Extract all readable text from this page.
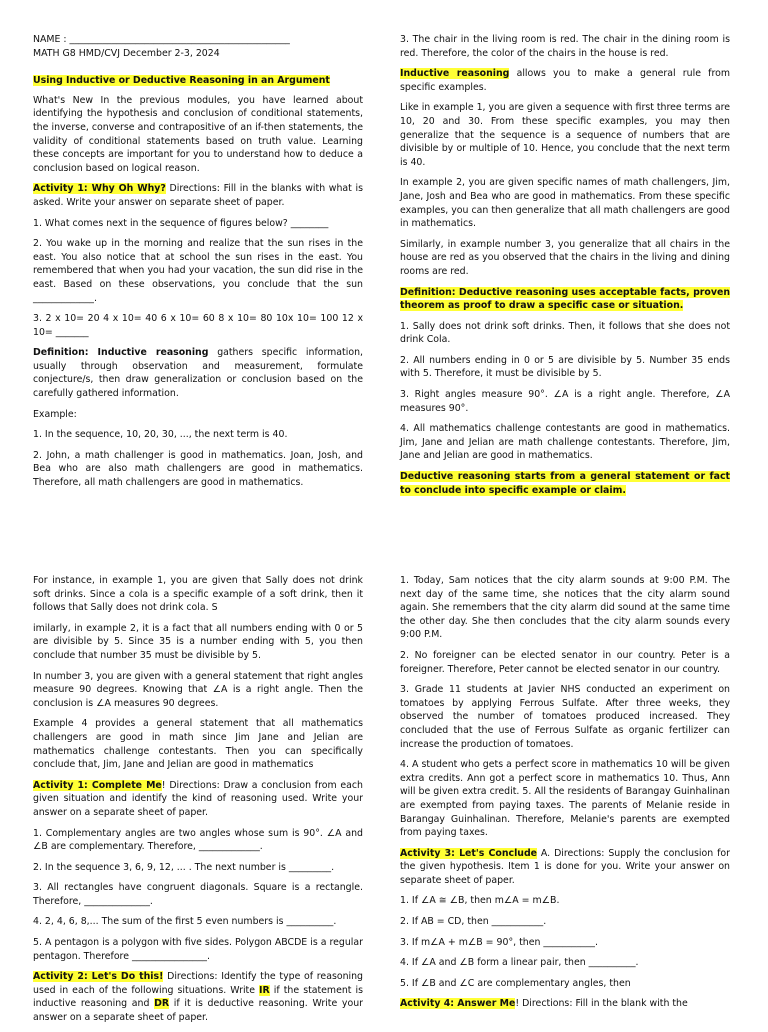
NAME : _______________________________________________

MATH G8 HMD/CVJ December 2-3, 2024

Using Inductive or Deductive Reasoning in an Argument

What's New In the previous modules, you have learned about identifying the hypothesis and conclusion of conditional statements, the inverse, converse and contrapositive of an if-then statements, the validity of conditional statements based on truth value. Learning these concepts are important for you to understand how to deduce a conclusion based on logical reason.

Activity 1: Why Oh Why? Directions: Fill in the blanks with what is asked. Write your answer on separate sheet of paper.

1. What comes next in the sequence of figures below? ________

2. You wake up in the morning and realize that the sun rises in the east. You also notice that at school the sun rises in the east. You remembered that when you had your vacation, the sun did rise in the east. Based on these observations, you conclude that the sun _____________.

3. 2 x 10= 20 4 x 10= 40 6 x 10= 60 8 x 10= 80 10x 10= 100 12 x 10= _______

Definition: Inductive reasoning gathers specific information, usually through observation and measurement, formulate conjecture/s, then draw generalization or conclusion based on the carefully gathered information.

Example:

1. In the sequence, 10, 20, 30, ..., the next term is 40.

2. John, a math challenger is good in mathematics. Joan, Josh, and Bea who are also math challengers are good in mathematics. Therefore, all math challengers are good in mathematics.

3. The chair in the living room is red. The chair in the dining room is red. Therefore, the color of the chairs in the house is red.

Inductive reasoning allows you to make a general rule from specific examples.

Like in example 1, you are given a sequence with first three terms are 10, 20 and 30. From these specific examples, you may then generalize that the sequence is a sequence of numbers that are divisible by or multiple of 10. Hence, you conclude that the next term is 40.

In example 2, you are given specific names of math challengers, Jim, Jane, Josh and Bea who are good in mathematics. From these specific examples, you can then generalize that all math challengers are good in mathematics.

Similarly, in example number 3, you generalize that all chairs in the house are red as you observed that the chairs in the living and dining rooms are red.

Definition: Deductive reasoning uses acceptable facts, proven theorem as proof to draw a specific case or situation.

1. Sally does not drink soft drinks. Then, it follows that she does not drink Cola.

2. All numbers ending in 0 or 5 are divisible by 5. Number 35 ends with 5. Therefore, it must be divisible by 5.

3. Right angles measure 90°. ∠A is a right angle. Therefore, ∠A measures 90°.

4. All mathematics challenge contestants are good in mathematics. Jim, Jane and Jelian are math challenge contestants. Therefore, Jim, Jane and Jelian are good in mathematics.

Deductive reasoning starts from a general statement or fact to conclude into specific example or claim.

For instance, in example 1, you are given that Sally does not drink soft drinks. Since a cola is a specific example of a soft drink, then it follows that Sally does not drink cola. S

imilarly, in example 2, it is a fact that all numbers ending with 0 or 5 are divisible by 5. Since 35 is a number ending with 5, you then conclude that number 35 must be divisible by 5.

In number 3, you are given with a general statement that right angles measure 90 degrees. Knowing that ∠A is a right angle. Then the conclusion is ∠A measures 90 degrees.

Example 4 provides a general statement that all mathematics challengers are good in math since Jim Jane and Jelian are mathematics challenge contestants. Then you can specifically conclude that, Jim, Jane and Jelian are good in mathematics

Activity 1: Complete Me! Directions: Draw a conclusion from each given situation and identify the kind of reasoning used. Write your answer on a separate sheet of paper.

1. Complementary angles are two angles whose sum is 90°. ∠A and ∠B are complementary. Therefore, _____________.

2. In the sequence 3, 6, 9, 12, ... . The next number is _________.

3. All rectangles have congruent diagonals. Square is a rectangle. Therefore, ______________.

4. 2, 4, 6, 8,... The sum of the first 5 even numbers is __________.

5. A pentagon is a polygon with five sides. Polygon ABCDE is a regular pentagon. Therefore ________________.

Activity 2: Let's Do this! Directions: Identify the type of reasoning used in each of the following situations. Write IR if the statement is inductive reasoning and DR if it is deductive reasoning. Write your answer on a separate sheet of paper.

1. Today, Sam notices that the city alarm sounds at 9:00 P.M. The next day of the same time, she notices that the city alarm sound again. She remembers that the city alarm did sound at the same time the other day. She then concludes that the city alarm sounds every 9:00 P.M.

2. No foreigner can be elected senator in our country. Peter is a foreigner. Therefore, Peter cannot be elected senator in our country.

3. Grade 11 students at Javier NHS conducted an experiment on tomatoes by applying Ferrous Sulfate. After three weeks, they observed the number of tomatoes produced increased. They concluded that the use of Ferrous Sulfate as organic fertilizer can increase the production of tomatoes.

4. A student who gets a perfect score in mathematics 10 will be given extra credits. Ann got a perfect score in mathematics 10. Thus, Ann will be given extra credit. 5. All the residents of Barangay Guinhalinan are exempted from paying taxes. The parents of Melanie reside in Barangay Guinhalinan. Therefore, Melanie's parents are exempted from paying taxes.

Activity 3: Let's Conclude A. Directions: Supply the conclusion for the given hypothesis. Item 1 is done for you. Write your answer on separate sheet of paper.

1. If ∠A ≅ ∠B, then m∠A = m∠B.

2. If AB = CD, then ___________.

3. If m∠A + m∠B = 90°, then ___________.

4. If ∠A and ∠B form a linear pair, then __________.

5. If ∠B and ∠C are complementary angles, then

Activity 4: Answer Me! Directions: Fill in the blank with the
